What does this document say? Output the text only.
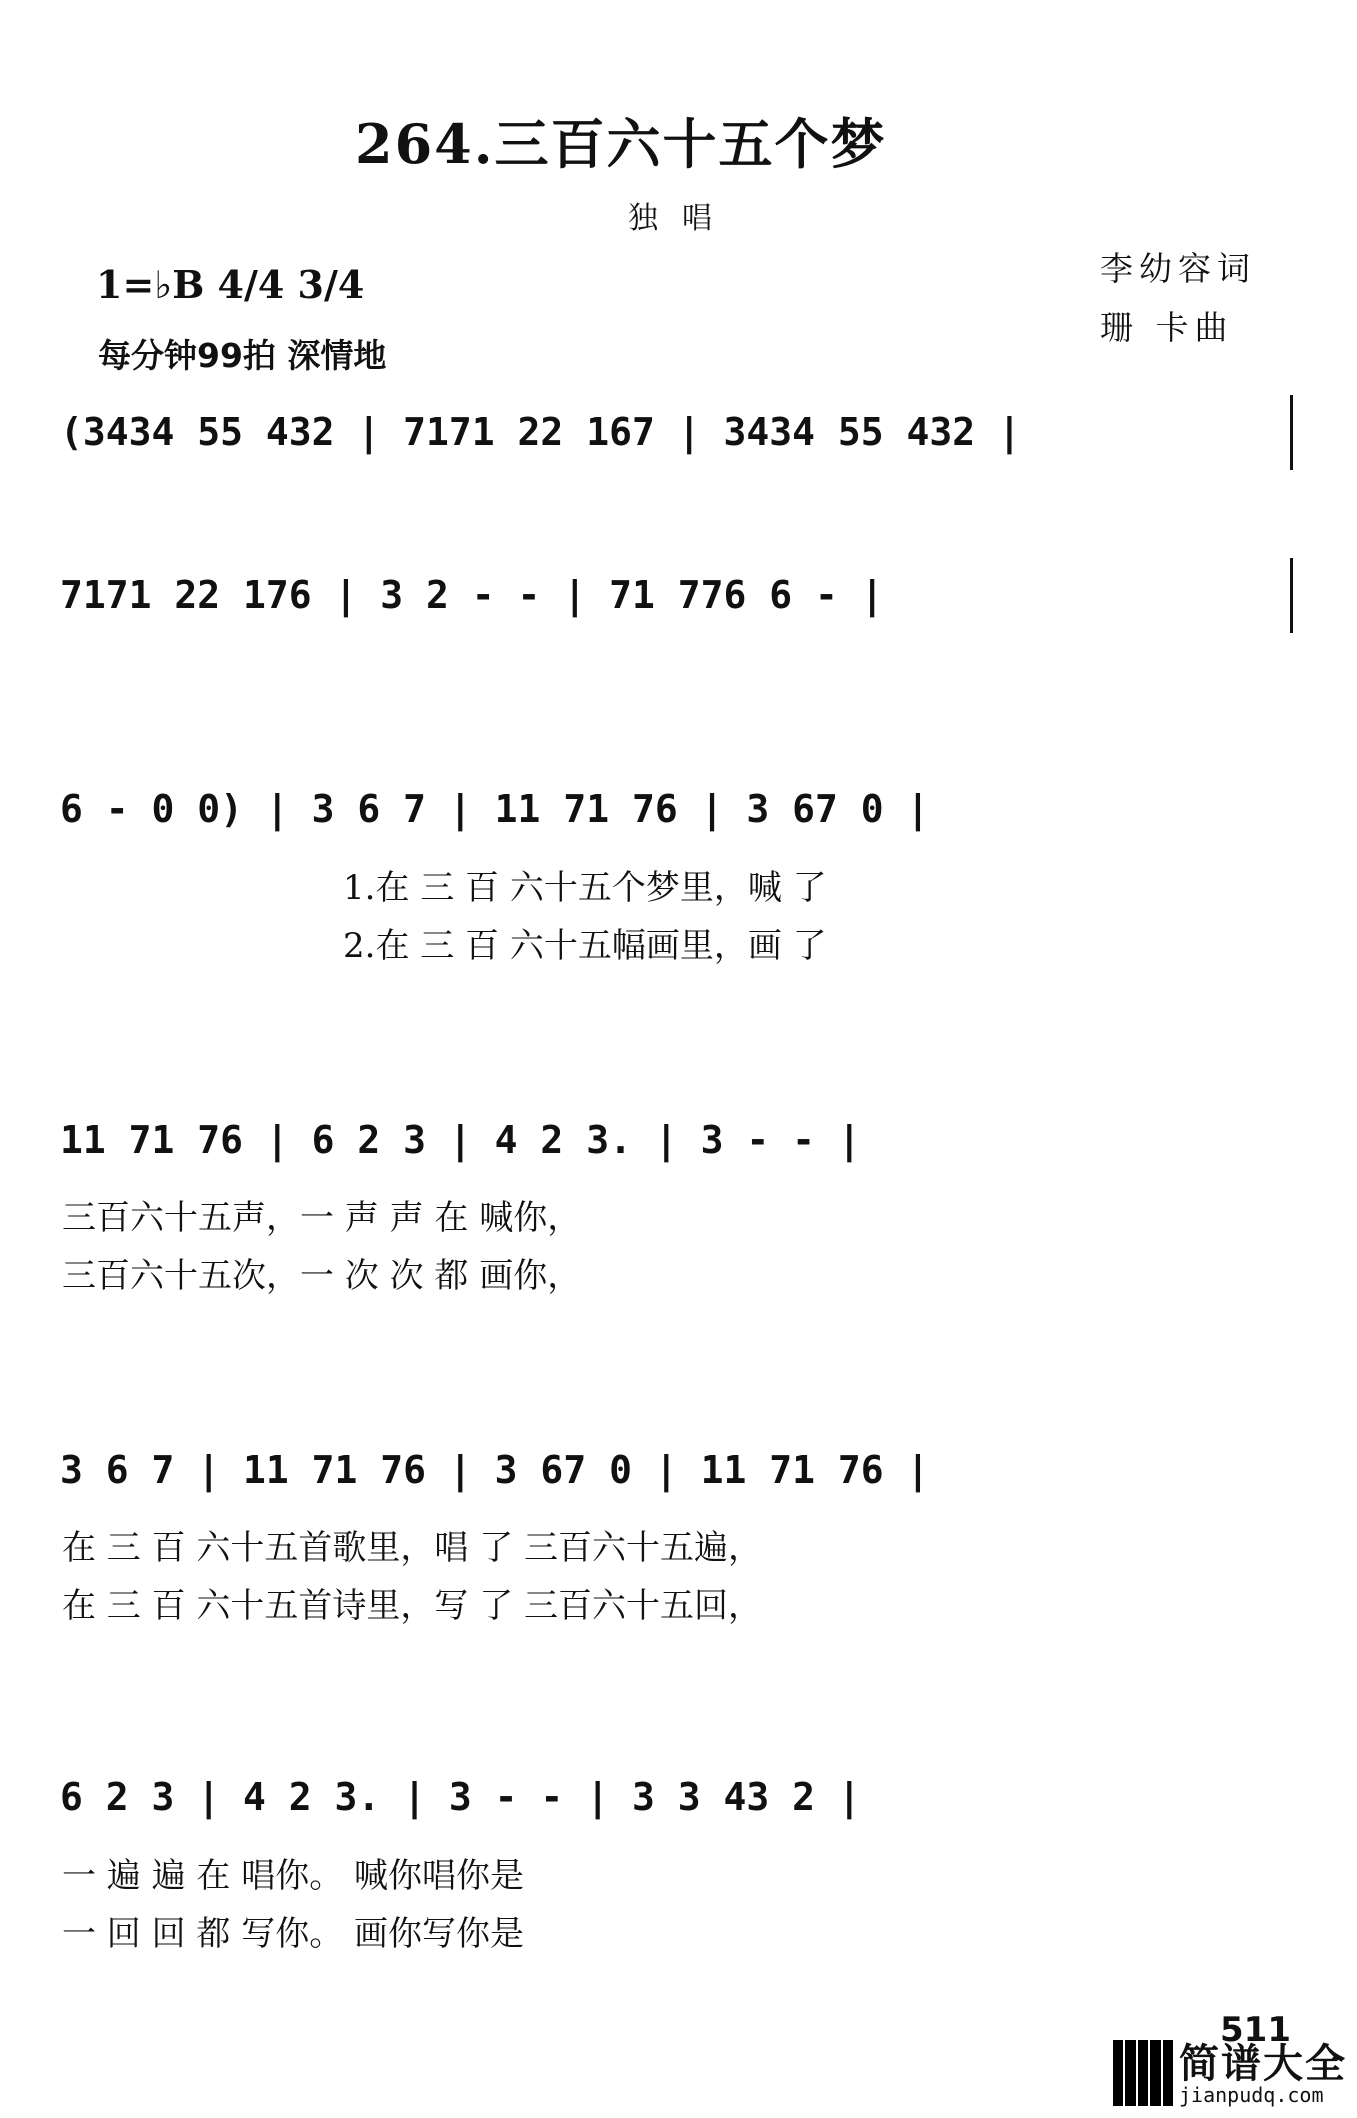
264.三百六十五个梦
独唱
李幼容词
珊 卡曲
1=♭B 4/4 3/4
每分钟99拍 深情地
(3434 55 432 | 7171 22 167 | 3434 55 432 |
7171 22 176 | 3 2 - - | 71 776 6 - |
6 - 0 0) | 3 6 7 | 11 71 76 | 3 67 0 |
1.在 三 百 六十五个梦里，喊 了
2.在 三 百 六十五幅画里，画 了
11 71 76 | 6 2 3 | 4 2 3. | 3 - - |
三百六十五声，一 声 声 在 喊你，
三百六十五次，一 次 次 都 画你，
3 6 7 | 11 71 76 | 3 67 0 | 11 71 76 |
在 三 百 六十五首歌里，唱 了 三百六十五遍，
在 三 百 六十五首诗里，写 了 三百六十五回，
6 2 3 | 4 2 3. | 3 - - | 3 3 43 2 |
一 遍 遍 在 唱你。 喊你唱你是
一 回 回 都 写你。 画你写你是
511
简谱大全
jianpudq.com
